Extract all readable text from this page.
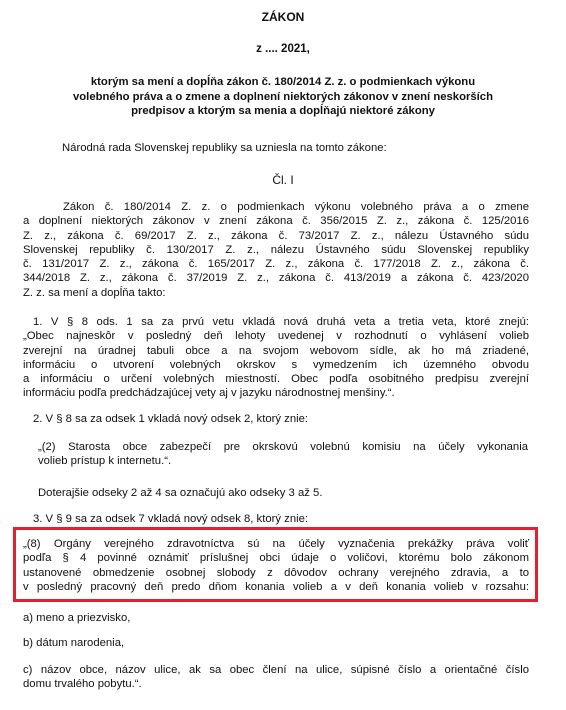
ZÁKON
z .... 2021,
ktorým sa mení a dopĺňa zákon č. 180/2014 Z. z. o podmienkach výkonu
volebného práva a o zmene a doplnení niektorých zákonov v znení neskorších
predpisov a ktorým sa menia a dopĺňajú niektoré zákony
Národná rada Slovenskej republiky sa uzniesla na tomto zákone:
Čl. I
Zákon č. 180/2014 Z. z. o podmienkach výkonu volebného práva a o zmene
a doplnení niektorých zákonov v znení zákona č. 356/2015 Z. z., zákona č. 125/2016
Z. z., zákona č. 69/2017 Z. z., zákona č. 73/2017 Z. z., nálezu Ústavného súdu
Slovenskej republiky č. 130/2017 Z. z., nálezu Ústavného súdu Slovenskej republiky
č. 131/2017 Z. z., zákona č. 165/2017 Z. z., zákona č. 177/2018 Z. z., zákona č.
344/2018 Z. z., zákona č. 37/2019 Z. z., zákona č. 413/2019 a zákona č. 423/2020
Z. z. sa mení a dopĺňa takto:
1. V § 8 ods. 1 sa za prvú vetu vkladá nová druhá veta a tretia veta, ktoré znejú:
„Obec najneskôr v posledný deň lehoty uvedenej v rozhodnutí o vyhlásení volieb
zverejní na úradnej tabuli obce a na svojom webovom sídle, ak ho má zriadené,
informáciu o utvorení volebných okrskov s vymedzením ich územného obvodu
a informáciu o určení volebných miestností. Obec podľa osobitného predpisu zverejní
informáciu podľa predchádzajúcej vety aj v jazyku národnostnej menšiny.“.
2. V § 8 sa za odsek 1 vkladá nový odsek 2, ktorý znie:
„(2) Starosta obce zabezpečí pre okrskovú volebnú komisiu na účely vykonania
volieb prístup k internetu.“.
Doterajšie odseky 2 až 4 sa označujú ako odseky 3 až 5.
3. V § 9 sa za odsek 7 vkladá nový odsek 8, ktorý znie:
„(8) Orgány verejného zdravotníctva sú na účely vyznačenia prekážky práva voliť
podľa § 4 povinné oznámiť príslušnej obci údaje o voličovi, ktorému bolo zákonom
ustanovené obmedzenie osobnej slobody z dôvodov ochrany verejného zdravia, a to
v posledný pracovný deň predo dňom konania volieb a v deň konania volieb v rozsahu:
a) meno a priezvisko,
b) dátum narodenia,
c) názov obce, názov ulice, ak sa obec člení na ulice, súpisné číslo a orientačné číslo
domu trvalého pobytu.“.
